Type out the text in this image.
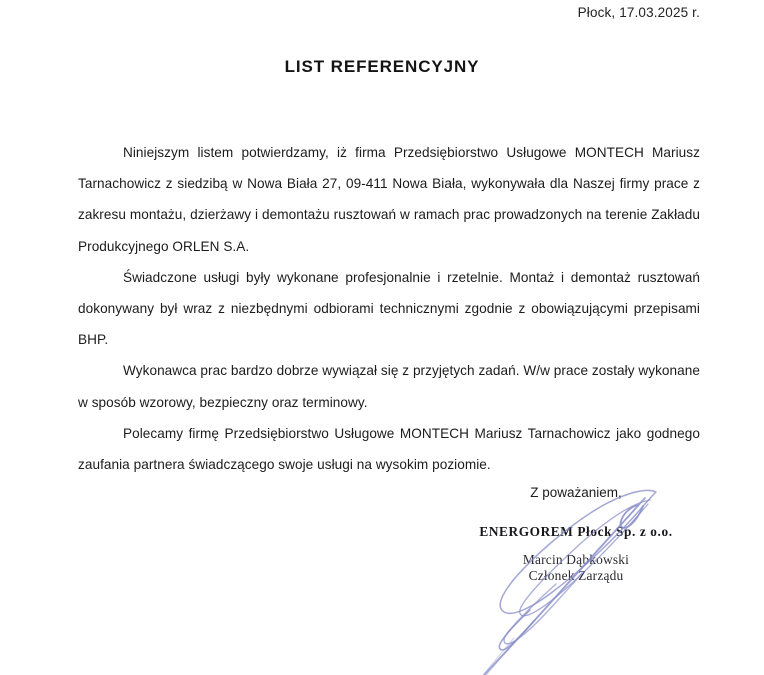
Płock, 17.03.2025 r.
LIST REFERENCYJNY

Niniejszym listem potwierdzamy, iż firma Przedsiębiorstwo Usługowe MONTECH Mariusz Tarnachowicz z siedzibą w Nowa Biała 27, 09-411 Nowa Biała, wykonywała dla Naszej firmy prace z zakresu montażu, dzierżawy i demontażu rusztowań w ramach prac prowadzonych na terenie Zakładu Produkcyjnego ORLEN S.A.

Świadczone usługi były wykonane profesjonalnie i rzetelnie. Montaż i demontaż rusztowań dokonywany był wraz z niezbędnymi odbiorami technicznymi zgodnie z obowiązującymi przepisami BHP.

Wykonawca prac bardzo dobrze wywiązał się z przyjętych zadań. W/w prace zostały wykonane w sposób wzorowy, bezpieczny oraz terminowy.

Polecamy firmę Przedsiębiorstwo Usługowe MONTECH Mariusz Tarnachowicz jako godnego zaufania partnera świadczącego swoje usługi na wysokim poziomie.

Z poważaniem,
ENERGOREM Płock Sp. z o.o.
Marcin Dąbkowski
Członek Zarządu
